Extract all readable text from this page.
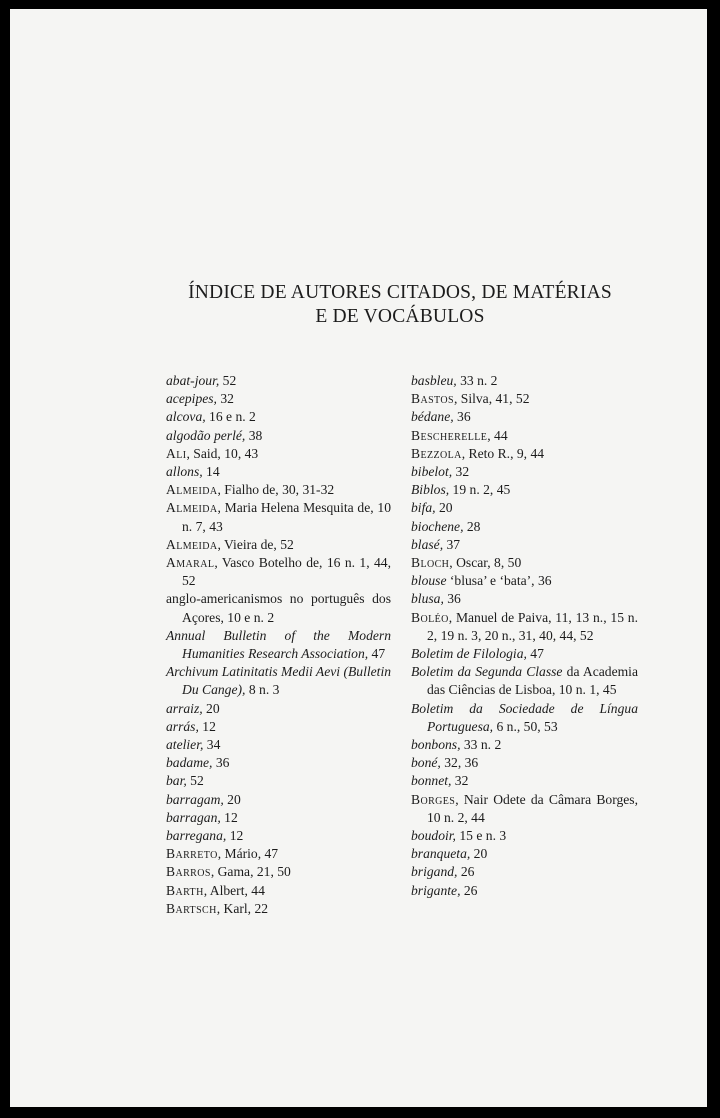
ÍNDICE DE AUTORES CITADOS, DE MATÉRIAS
E DE VOCÁBULOS
abat-jour, 52
acepipes, 32
alcova, 16 e n. 2
algodão perlé, 38
Ali, Said, 10, 43
allons, 14
Almeida, Fialho de, 30, 31-32
Almeida, Maria Helena Mesquita de, 10 n. 7, 43
Almeida, Vieira de, 52
Amaral, Vasco Botelho de, 16 n. 1, 44, 52
anglo-americanismos no português dos Açores, 10 e n. 2
Annual Bulletin of the Modern Humanities Research Association, 47
Archivum Latinitatis Medii Aevi (Bulletin Du Cange), 8 n. 3
arraiz, 20
arrás, 12
atelier, 34
badame, 36
bar, 52
barragam, 20
barragan, 12
barregana, 12
Barreto, Mário, 47
Barros, Gama, 21, 50
Barth, Albert, 44
Bartsch, Karl, 22
basbleu, 33 n. 2
Bastos, Silva, 41, 52
bédane, 36
Bescherelle, 44
Bezzola, Reto R., 9, 44
bibelot, 32
Biblos, 19 n. 2, 45
bifa, 20
biochene, 28
blasé, 37
Bloch, Oscar, 8, 50
blouse ‘blusa’ e ‘bata’, 36
blusa, 36
Boléo, Manuel de Paiva, 11, 13 n., 15 n. 2, 19 n. 3, 20 n., 31, 40, 44, 52
Boletim de Filologia, 47
Boletim da Segunda Classe da Academia das Ciências de Lisboa, 10 n. 1, 45
Boletim da Sociedade de Língua Portuguesa, 6 n., 50, 53
bonbons, 33 n. 2
boné, 32, 36
bonnet, 32
Borges, Nair Odete da Câmara Borges, 10 n. 2, 44
boudoir, 15 e n. 3
branqueta, 20
brigand, 26
brigante, 26
